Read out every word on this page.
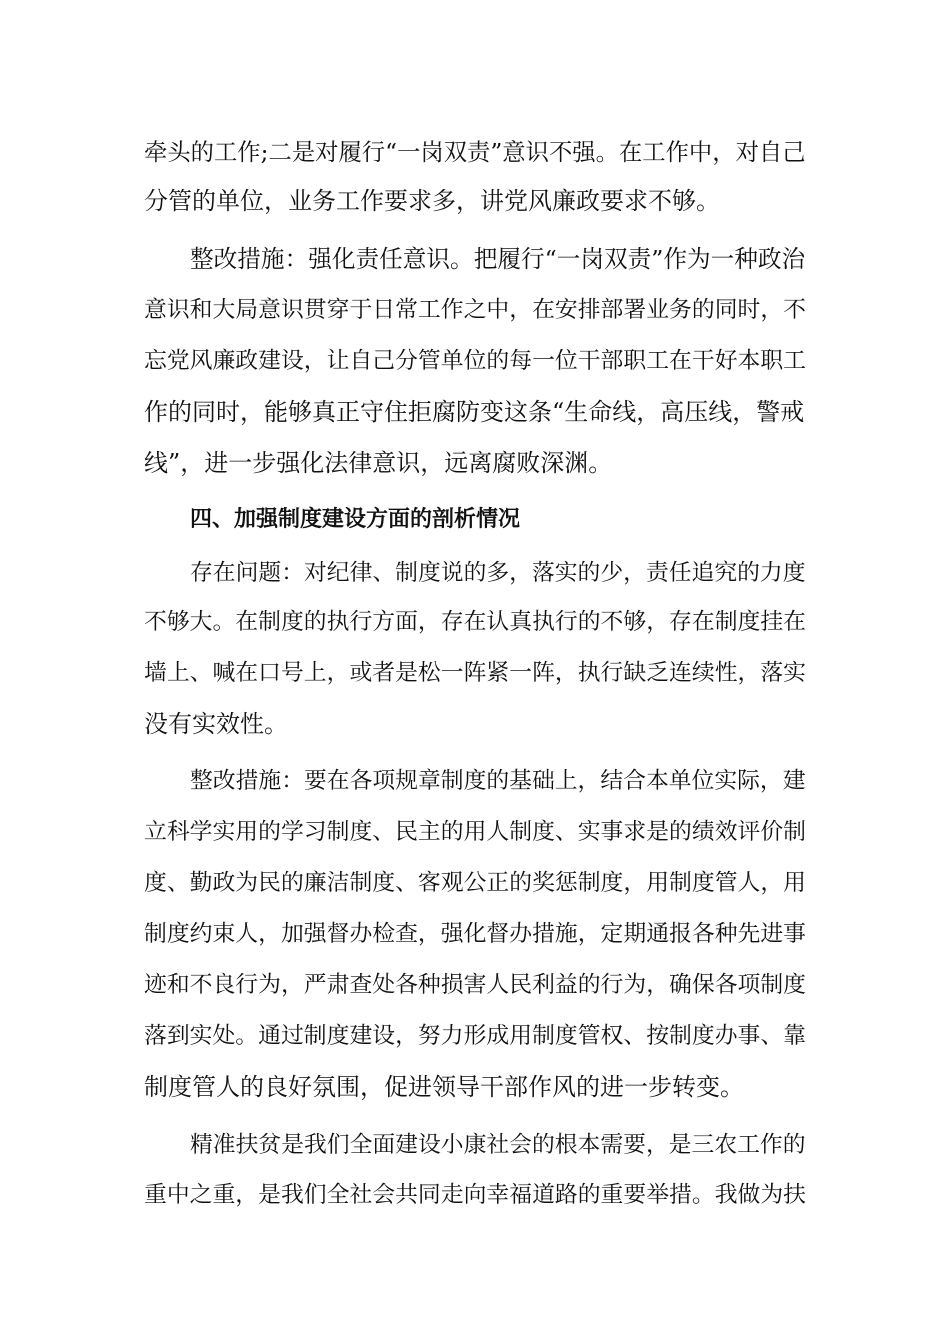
牵头的工作;二是对履行“一岗双责”意识不强。在工作中，对自己

分管的单位，业务工作要求多，讲党风廉政要求不够。

整改措施：强化责任意识。把履行“一岗双责”作为一种政治

意识和大局意识贯穿于日常工作之中，在安排部署业务的同时，不

忘党风廉政建设，让自己分管单位的每一位干部职工在干好本职工

作的同时，能够真正守住拒腐防变这条“生命线，高压线，警戒

线”，进一步强化法律意识，远离腐败深渊。

四、加强制度建设方面的剖析情况

存在问题：对纪律、制度说的多，落实的少，责任追究的力度

不够大。在制度的执行方面，存在认真执行的不够，存在制度挂在

墙上、喊在口号上，或者是松一阵紧一阵，执行缺乏连续性，落实

没有实效性。

整改措施：要在各项规章制度的基础上，结合本单位实际，建

立科学实用的学习制度、民主的用人制度、实事求是的绩效评价制

度、勤政为民的廉洁制度、客观公正的奖惩制度，用制度管人，用

制度约束人，加强督办检查，强化督办措施，定期通报各种先进事

迹和不良行为，严肃查处各种损害人民利益的行为，确保各项制度

落到实处。通过制度建设，努力形成用制度管权、按制度办事、靠

制度管人的良好氛围，促进领导干部作风的进一步转变。

精准扶贫是我们全面建设小康社会的根本需要，是三农工作的

重中之重，是我们全社会共同走向幸福道路的重要举措。我做为扶
